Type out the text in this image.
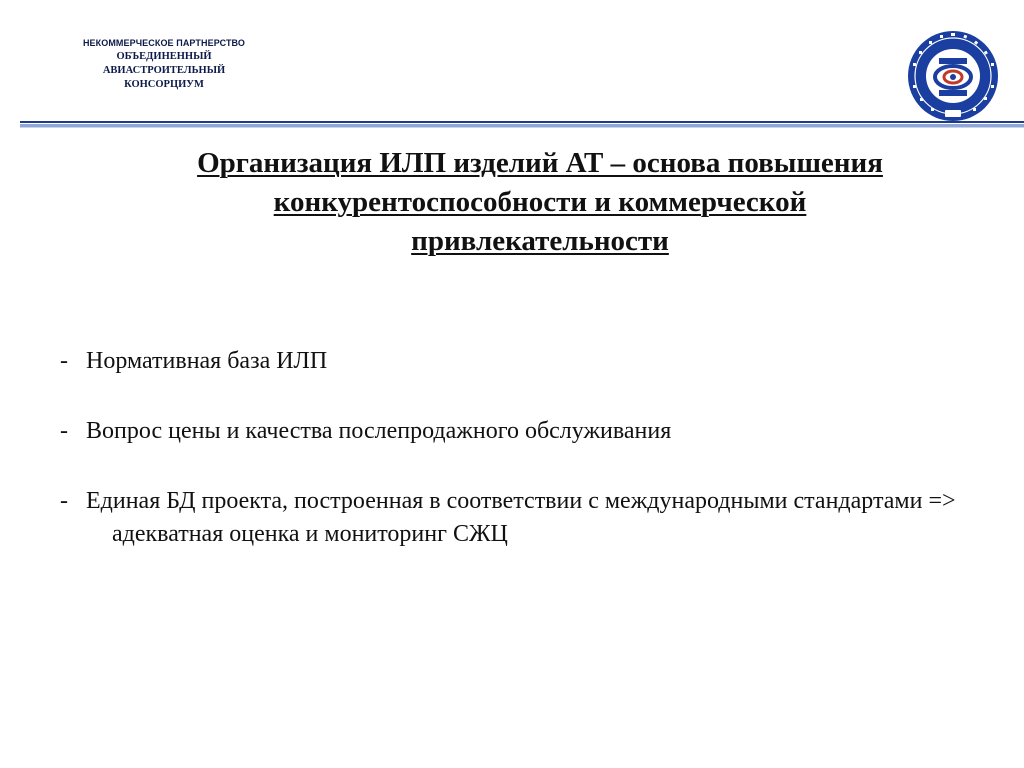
НЕКОММЕРЧЕСКОЕ ПАРТНЕРСТВО
ОБЪЕДИНЕННЫЙ
АВИАСТРОИТЕЛЬНЫЙ
КОНСОРЦИУМ
Организация ИЛП изделий АТ – основа повышения
конкурентоспособности и коммерческой
привлекательности
- Нормативная база ИЛП
- Вопрос цены и качества послепродажного обслуживания
- Единая БД проекта, построенная в соответствии с международными стандартами => адекватная оценка и мониторинг СЖЦ
